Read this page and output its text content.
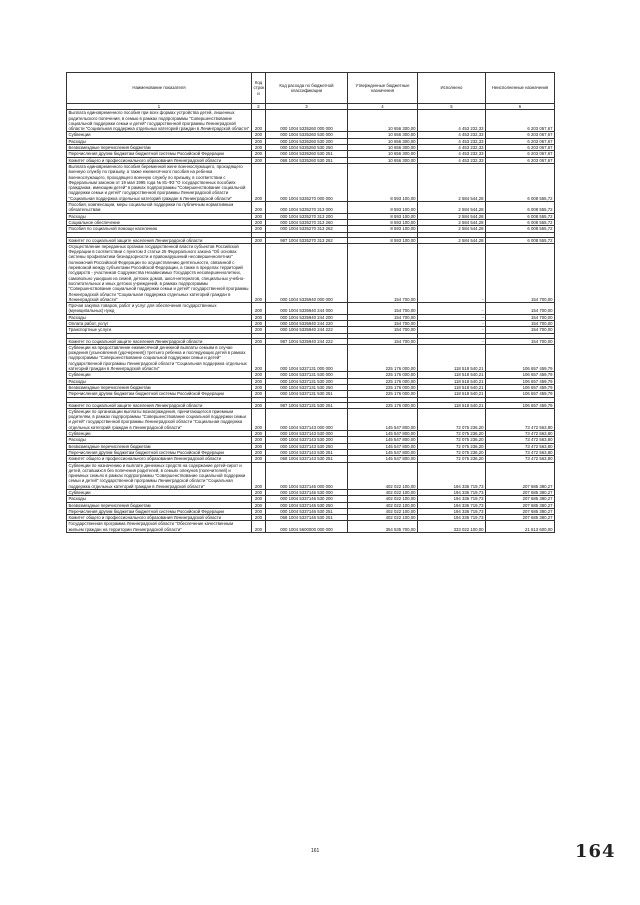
Наименование показателя	Код строк и	Код расхода по бюджетной классификации	Утвержденные бюджетные назначения	Исполнено	Неисполненные назначения
1	2	3	4	5	6
Выплата единовременного пособия при всех формах устройства детей, лишенных родительского попечения, в семью в рамках подпрограммы "Совершенствование социальной поддержки семьи и детей" государственной программы Ленинградской области "Социальная поддержка отдельных категорий граждан в Ленинградской области"	200	000 1004 5335260 000 000	10 656 300,00	4 453 232,33	6 203 067,67
Субвенции	200	000 1004 5335260 530 000	10 656 300,00	4 453 232,33	6 203 067,67
Расходы	200	000 1004 5335260 530 200	10 656 300,00	4 453 232,33	6 203 067,67
Безвозмездные перечисления бюджетам	200	000 1004 5335260 530 250	10 656 300,00	4 453 232,33	6 203 067,67
Перечисления другим бюджетам бюджетной системы Российской Федерации	200	000 1004 5335260 530 251	10 656 300,00	4 453 232,33	6 203 067,67
Комитет общего и профессионального образования Ленинградской области	200	068 1004 5335260 530 251	10 656 300,00	4 453 232,33	6 203 067,67
Выплата единовременного пособия беременной жене военнослужащего, проходящего военную службу по призыву, а также ежемесячного пособия на ребенка военнослужащего, проходящего военную службу по призыву, в соответствии с Федеральным законом от 19 мая 1995 года № 81-ФЗ "О государственных пособиях гражданам, имеющим детей" в рамках подпрограммы "Совершенствование социальной поддержки семьи и детей" государственной программы Ленинградской области "Социальная поддержка отдельных категорий граждан в Ленинградской области"	200	000 1004 5335270 000 000	8 593 100,00	2 584 544,28	6 008 555,72
Пособия, компенсации, меры социальной поддержки по публичным нормативным обязательствам	200	000 1004 5335270 313 000	8 593 100,00	2 584 544,28	6 008 555,72
Расходы	200	000 1004 5335270 313 200	8 593 100,00	2 584 544,28	6 008 555,72
Социальное обеспечение	200	000 1004 5335270 313 260	8 593 100,00	2 584 544,28	6 008 555,72
Пособия по социальной помощи населению	200	000 1004 5335270 313 262	8 593 100,00	2 584 544,28	6 008 555,72

Комитет по социальной защите населения Ленинградской области	200	987 1004 5335270 313 262	8 593 100,00	2 584 544,28	6 008 555,72
Осуществление переданных органам государственной власти субъектов Российской Федерации в соответствии с пунктом 3 статьи 25 Федерального закона "Об основах системы профилактики безнадзорности и правонарушений несовершеннолетних" полномочий Российской Федерации по осуществлению деятельности, связанной с перевозкой между субъектами Российской Федерации, а также в пределах территорий государств - участников Содружества Независимых Государств несовершеннолетних, самовольно ушедших из семей, детских домов, школ-интернатов, специальных учебно-воспитательных и иных детских учреждений, в рамках подпрограммы "Совершенствование социальной поддержки семьи и детей" государственной программы Ленинградской области "Социальная поддержка отдельных категорий граждан в Ленинградской области"	200	000 1004 5335940 000 000	154 700,00	-	154 700,00
Прочая закупка товаров, работ и услуг для обеспечения государственных (муниципальных) нужд	200	000 1004 5335940 244 000	154 700,00	-	154 700,00
Расходы	200	000 1004 5335940 244 200	154 700,00	-	154 700,00
Оплата работ, услуг	200	000 1004 5335940 244 220	154 700,00	-	154 700,00
Транспортные услуги	200	000 1004 5335940 244 222	154 700,00	-	154 700,00

Комитет по социальной защите населения Ленинградской области	200	987 1004 5335940 244 222	154 700,00	-	154 700,00
Субвенции на предоставление ежемесячной денежной выплаты семьям в случае рождения (усыновления (удочерения)) третьего ребенка и последующих детей в рамках подпрограммы "Совершенствование социальной поддержки семьи и детей" государственной программы Ленинградской области "Социальная поддержка отдельных категорий граждан в Ленинградской области"	200	000 1004 5337131 000 000	225 176 000,00	118 518 540,21	106 657 459,79
Субвенции	200	000 1004 5337131 530 000	225 176 000,00	118 518 540,21	106 657 459,79
Расходы	200	000 1004 5337131 530 200	225 176 000,00	118 518 540,21	106 657 459,79
Безвозмездные перечисления бюджетам	200	000 1004 5337131 530 250	225 176 000,00	118 518 540,21	106 657 459,79
Перечисления другим бюджетам бюджетной системы Российской Федерации	200	000 1004 5337131 530 251	225 176 000,00	118 518 540,21	106 657 459,79

Комитет по социальной защите населения Ленинградской области	200	987 1004 5337131 530 251	225 176 000,00	118 518 540,21	106 657 459,79
Субвенции по организации выплаты вознаграждения, причитающегося приемным родителям, в рамках подпрограммы "Совершенствование социальной поддержки семьи и детей" государственной программы Ленинградской области "Социальная поддержка отдельных категорий граждан в Ленинградской области"	200	000 1004 5337143 000 000	145 547 800,00	72 075 236,20	73 472 563,80
Субвенции	200	000 1004 5337143 530 000	145 547 800,00	72 075 236,20	73 472 563,80
Расходы	200	000 1004 5337143 530 200	145 547 800,00	72 075 236,20	73 472 563,80
Безвозмездные перечисления бюджетам	200	000 1004 5337143 530 250	145 547 800,00	72 075 236,20	73 472 563,80
Перечисления другим бюджетам бюджетной системы Российской Федерации	200	000 1004 5337143 530 251	145 547 800,00	72 075 236,20	73 472 563,80
Комитет общего и профессионального образования Ленинградской области	200	068 1004 5337143 530 251	145 547 800,00	72 075 236,20	73 472 563,80
Субвенции по назначению и выплате денежных средств на содержание детей-сирот и детей, оставшихся без попечения родителей, в семьях опекунов (попечителей) и приемных семьях в рамках подпрограммы "Совершенствование социальной поддержки семьи и детей" государственной программы Ленинградской области "Социальная поддержка отдельных категорий граждан в Ленинградской области"	200	000 1004 5337146 000 000	402 022 100,00	194 336 719,73	207 685 380,27
Субвенции	200	000 1004 5337146 530 000	402 022 100,00	194 336 719,73	207 685 380,27
Расходы	200	000 1004 5337146 530 200	402 022 100,00	194 336 719,73	207 685 380,27
Безвозмездные перечисления бюджетам	200	000 1004 5337146 530 250	402 022 100,00	194 336 719,73	207 685 380,27
Перечисления другим бюджетам бюджетной системы Российской Федерации	200	000 1004 5337146 530 251	402 022 100,00	194 336 719,73	207 685 380,27
Комитет общего и профессионального образования Ленинградской области	200	068 1004 5337146 530 251	402 022 100,00	194 336 719,73	207 685 380,27
Государственная программа Ленинградской области "Обеспечение качественным жильем граждан на территории Ленинградской области"	200	000 1004 5600000 000 000	354 535 700,00	333 022 100,00	21 513 600,00
161	164
